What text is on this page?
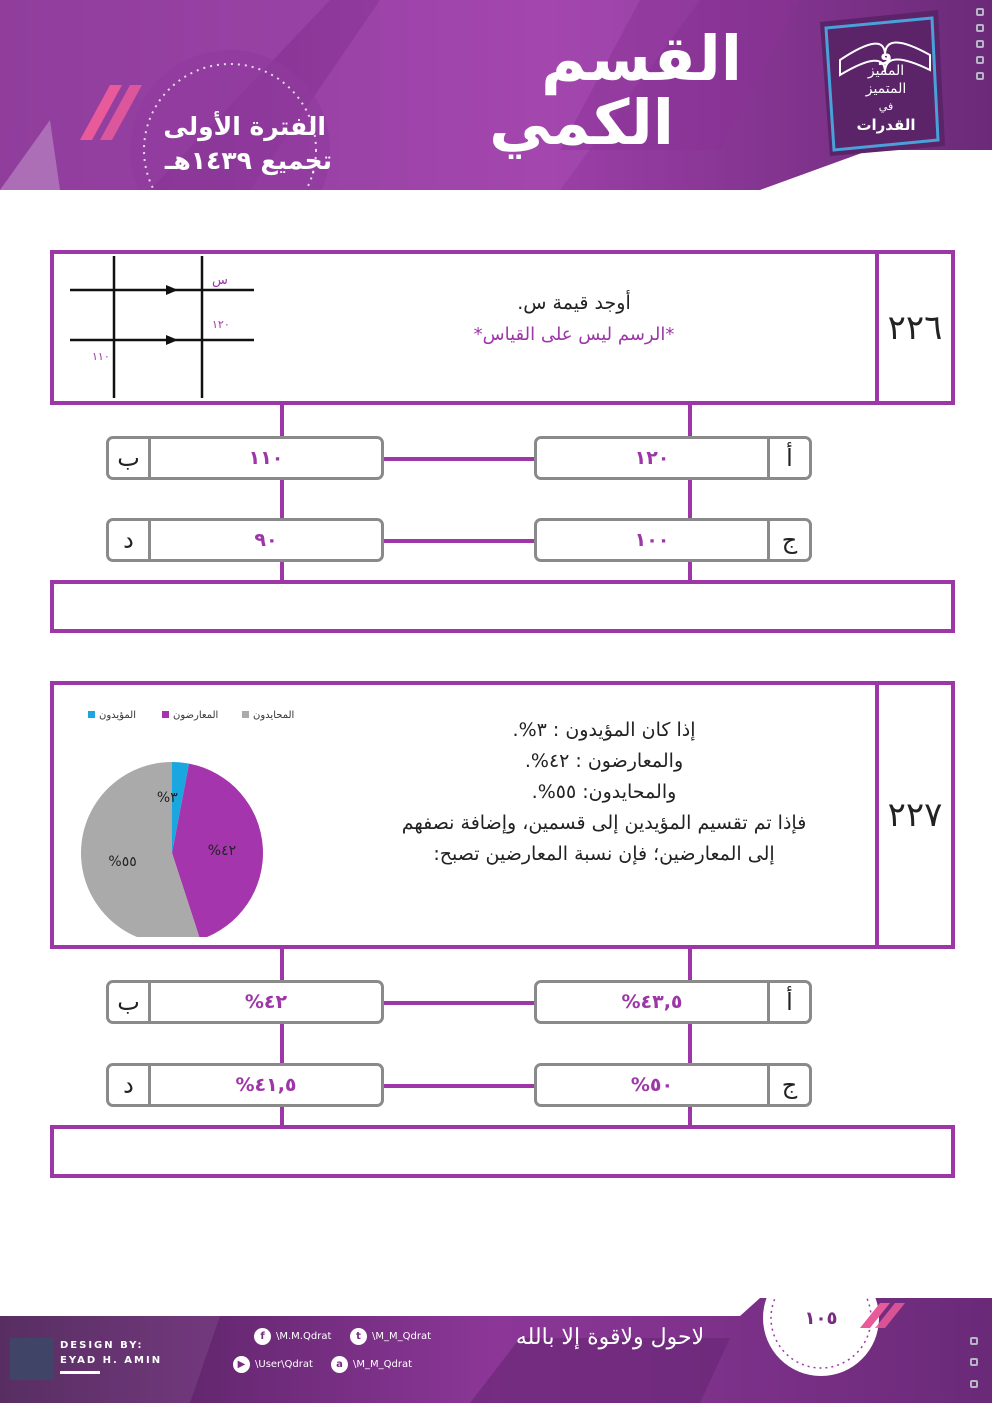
القسم
الكمي
الفترة الأولى
تجميع ١٤٣٩هـ
و
المميز
المتميز
في
القدرات
٢٢٦
أوجد قيمة س.
*الرسم ليس على القياس*
س
١٢٠
١١٠
١٢٠	أ
ب	١١٠
١٠٠	ج
د	٩٠
٢٢٧
إذا كان المؤيدون : ٣%.
والمعارضون : ٤٢%.
والمحايدون: ٥٥%.
فإذا تم تقسيم المؤيدين إلى قسمين، وإضافة نصفهم
إلى المعارضين؛ فإن نسبة المعارضين تصبح:
المؤيدون	المعارضون	المحايدون
%٣
%٤٢
%٥٥
%٤٣,٥	أ
ب	%٤٢
%٥٠	ج
د	%٤١,٥
١٠٥
لاحول ولاقوة إلا بالله
DESIGN BY:
EYAD H. AMIN
f	\M.M.Qdrat	t	\M_M_Qdrat
▶ \User\Qdrat	a	\M_M_Qdrat
